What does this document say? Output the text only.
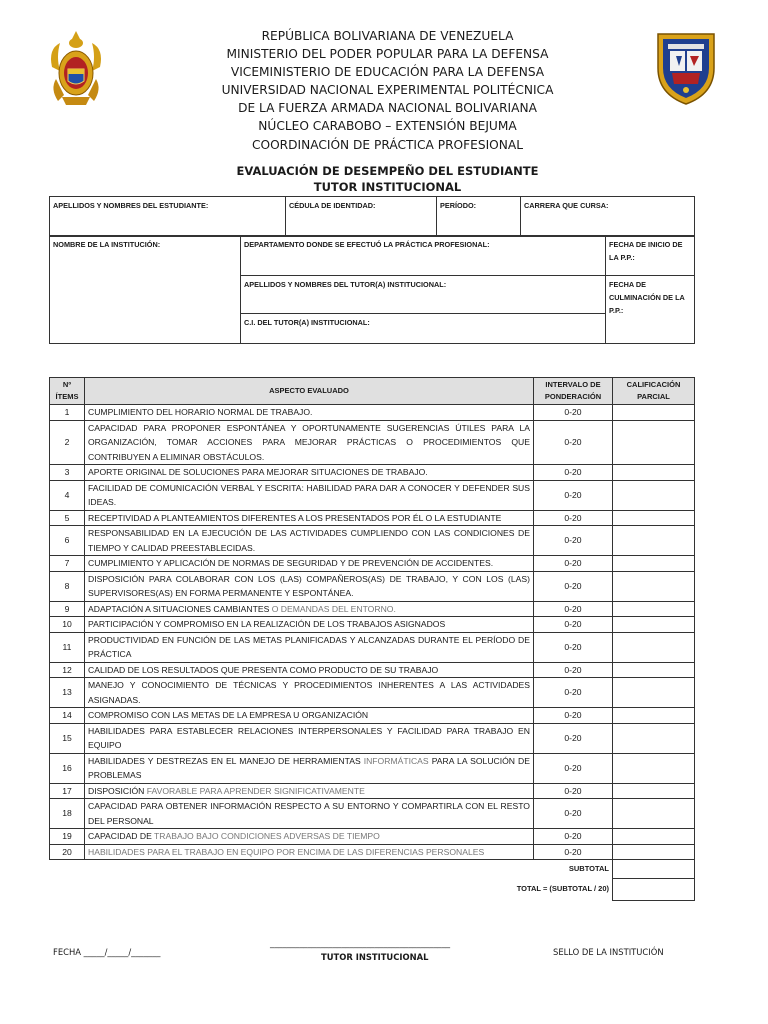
REPÚBLICA BOLIVARIANA DE VENEZUELA
MINISTERIO DEL PODER POPULAR PARA LA DEFENSA
VICEMINISTERIO DE EDUCACIÓN PARA LA DEFENSA
UNIVERSIDAD NACIONAL EXPERIMENTAL POLITÉCNICA
DE LA FUERZA ARMADA NACIONAL BOLIVARIANA
NÚCLEO CARABOBO – EXTENSIÓN BEJUMA
COORDINACIÓN DE PRÁCTICA PROFESIONAL
EVALUACIÓN DE DESEMPEÑO DEL ESTUDIANTE
TUTOR INSTITUCIONAL
APELLIDOS Y NOMBRES DEL ESTUDIANTE:	CÉDULA DE IDENTIDAD:	PERÍODO:	CARRERA QUE CURSA:
NOMBRE DE LA INSTITUCIÓN:	DEPARTAMENTO DONDE SE EFECTUÓ LA PRÁCTICA PROFESIONAL:	FECHA DE INICIO DE LA P.P.:
	APELLIDOS Y NOMBRES DEL TUTOR(A) INSTITUCIONAL:	FECHA DE CULMINACIÓN DE LA P.P.:
	C.I. DEL TUTOR(A) INSTITUCIONAL:	
Nº ÍTEMS	ASPECTO EVALUADO	INTERVALO DE PONDERACIÓN	CALIFICACIÓN PARCIAL
1	CUMPLIMIENTO DEL HORARIO NORMAL DE TRABAJO.	0-20	
2	CAPACIDAD PARA PROPONER ESPONTÁNEA Y OPORTUNAMENTE SUGERENCIAS ÚTILES PARA LA ORGANIZACIÓN, TOMAR ACCIONES PARA MEJORAR PRÁCTICAS O PROCEDIMIENTOS QUE CONTRIBUYEN A ELIMINAR OBSTÁCULOS.	0-20	
3	APORTE ORIGINAL DE SOLUCIONES PARA MEJORAR SITUACIONES DE TRABAJO.	0-20	
4	FACILIDAD DE COMUNICACIÓN VERBAL Y ESCRITA: HABILIDAD PARA DAR A CONOCER Y DEFENDER SUS IDEAS.	0-20	
5	RECEPTIVIDAD A PLANTEAMIENTOS DIFERENTES A LOS PRESENTADOS POR ÉL O LA ESTUDIANTE	0-20	
6	RESPONSABILIDAD EN LA EJECUCIÓN DE LAS ACTIVIDADES CUMPLIENDO CON LAS CONDICIONES DE TIEMPO Y CALIDAD PREESTABLECIDAS.	0-20	
7	CUMPLIMIENTO Y APLICACIÓN DE NORMAS DE SEGURIDAD Y DE PREVENCIÓN DE ACCIDENTES.	0-20	
8	DISPOSICIÓN PARA COLABORAR CON LOS (LAS) COMPAÑEROS(AS) DE TRABAJO, Y CON LOS (LAS) SUPERVISORES(AS) EN FORMA PERMANENTE Y ESPONTÁNEA.	0-20	
9	ADAPTACIÓN A SITUACIONES CAMBIANTES O DEMANDAS DEL ENTORNO.	0-20	
10	PARTICIPACIÓN Y COMPROMISO EN LA REALIZACIÓN DE LOS TRABAJOS ASIGNADOS	0-20	
11	PRODUCTIVIDAD EN FUNCIÓN DE LAS METAS PLANIFICADAS Y ALCANZADAS DURANTE EL PERÍODO DE PRÁCTICA	0-20	
12	CALIDAD DE LOS RESULTADOS QUE PRESENTA COMO PRODUCTO DE SU TRABAJO	0-20	
13	MANEJO Y CONOCIMIENTO DE TÉCNICAS Y PROCEDIMIENTOS INHERENTES A LAS ACTIVIDADES ASIGNADAS.	0-20	
14	COMPROMISO CON LAS METAS DE LA EMPRESA U ORGANIZACIÓN	0-20	
15	HABILIDADES PARA ESTABLECER RELACIONES INTERPERSONALES Y FACILIDAD PARA TRABAJO EN EQUIPO	0-20	
16	HABILIDADES Y DESTREZAS EN EL MANEJO DE HERRAMIENTAS INFORMÁTICAS PARA LA SOLUCIÓN DE PROBLEMAS	0-20	
17	DISPOSICIÓN FAVORABLE PARA APRENDER SIGNIFICATIVAMENTE	0-20	
18	CAPACIDAD PARA OBTENER INFORMACIÓN RESPECTO A SU ENTORNO Y COMPARTIRLA CON EL RESTO DEL PERSONAL	0-20	
19	CAPACIDAD DE TRABAJO BAJO CONDICIONES ADVERSAS DE TIEMPO	0-20	
20	HABILIDADES PARA EL TRABAJO EN EQUIPO POR ENCIMA DE LAS DIFERENCIAS PERSONALES	0-20	
		SUBTOTAL	
	TOTAL = (SUBTOTAL / 20)		
FECHA _____/_____/_______
___________________________________________
TUTOR INSTITUCIONAL	SELLO DE LA INSTITUCIÓN
